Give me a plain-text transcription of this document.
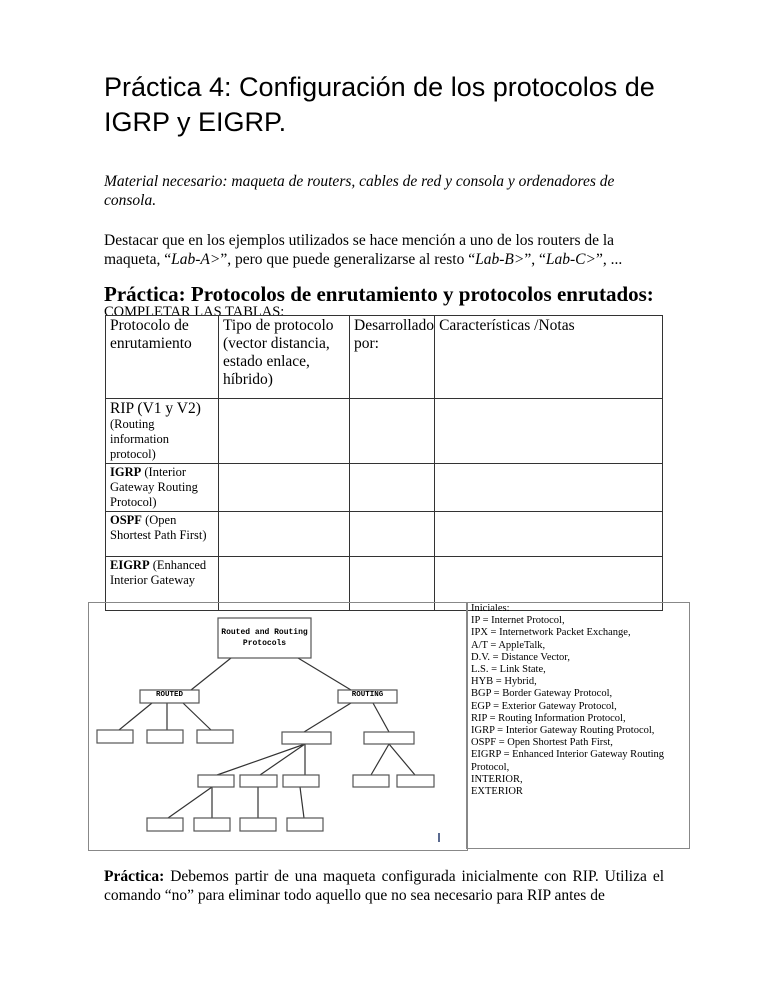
Práctica 4: Configuración de los protocolos de IGRP y EIGRP.
Material necesario: maqueta de routers, cables de red y consola y ordenadores de consola.
Destacar que en los ejemplos utilizados se hace mención a uno de los routers de la maqueta, “Lab-A>”, pero que puede generalizarse al resto “Lab-B>”, “Lab-C>”, ...
Práctica: Protocolos de enrutamiento y protocolos enrutados:
COMPLETAR LAS TABLAS:
Protocolo de enrutamiento	Tipo de protocolo (vector distancia, estado enlace, híbrido)	Desarrollado por:	Características /Notas

RIP (V1 y V2)
(Routing information protocol)			
IGRP (Interior Gateway Routing Protocol)			
OSPF (Open Shortest Path First)			
EIGRP (Enhanced Interior Gateway			
Routed and Routing Protocols
ROUTED	ROUTING
Iniciales:
IP = Internet Protocol,
IPX = Internetwork Packet Exchange,
A/T = AppleTalk,
D.V. = Distance Vector,
L.S. = Link State,
HYB = Hybrid,
BGP = Border Gateway Protocol,
EGP = Exterior Gateway Protocol,
RIP = Routing Information Protocol,
IGRP = Interior Gateway Routing Protocol,
OSPF = Open Shortest Path First,
EIGRP = Enhanced Interior Gateway Routing Protocol,
INTERIOR,
EXTERIOR
Práctica: Debemos partir de una maqueta configurada inicialmente con RIP. Utiliza el comando “no” para eliminar todo aquello que no sea necesario para RIP antes de
